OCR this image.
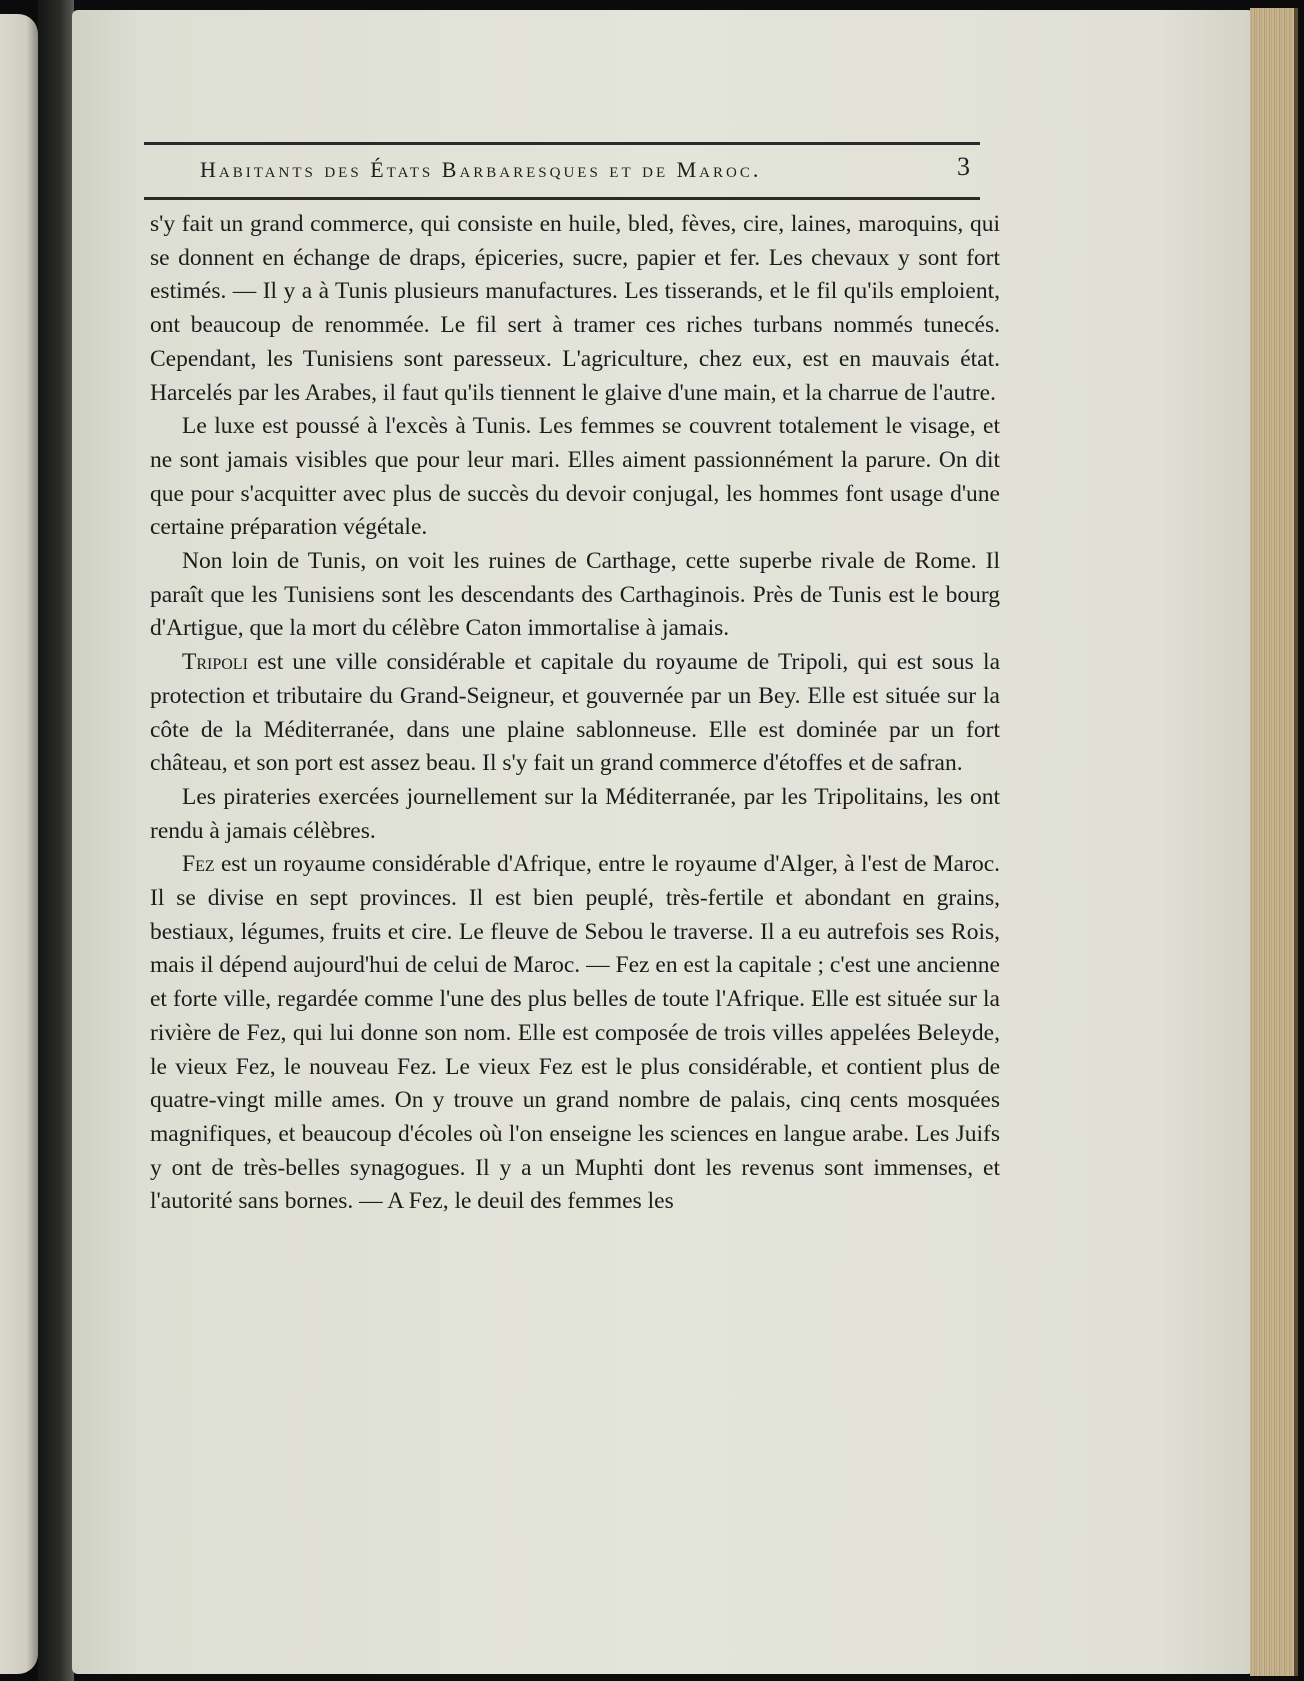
Habitants des États Barbaresques et de Maroc.	3

s'y fait un grand commerce, qui consiste en huile, bled, fèves, cire, laines, maroquins, qui se donnent en échange de draps, épiceries, sucre, papier et fer. Les chevaux y sont fort estimés. — Il y a à Tunis plusieurs manufactures. Les tisserands, et le fil qu'ils emploient, ont beaucoup de renommée. Le fil sert à tramer ces riches turbans nommés tunecés. Cependant, les Tunisiens sont paresseux. L'agriculture, chez eux, est en mauvais état. Harcelés par les Arabes, il faut qu'ils tiennent le glaive d'une main, et la charrue de l'autre.

Le luxe est poussé à l'excès à Tunis. Les femmes se couvrent totalement le visage, et ne sont jamais visibles que pour leur mari. Elles aiment passionnément la parure. On dit que pour s'acquitter avec plus de succès du devoir conjugal, les hommes font usage d'une certaine préparation végétale.

Non loin de Tunis, on voit les ruines de Carthage, cette superbe rivale de Rome. Il paraît que les Tunisiens sont les descendants des Carthaginois. Près de Tunis est le bourg d'Artigue, que la mort du célèbre Caton immortalise à jamais.

Tripoli est une ville considérable et capitale du royaume de Tripoli, qui est sous la protection et tributaire du Grand-Seigneur, et gouvernée par un Bey. Elle est située sur la côte de la Méditerranée, dans une plaine sablonneuse. Elle est dominée par un fort château, et son port est assez beau. Il s'y fait un grand commerce d'étoffes et de safran.

Les pirateries exercées journellement sur la Méditerranée, par les Tripolitains, les ont rendu à jamais célèbres.

Fez est un royaume considérable d'Afrique, entre le royaume d'Alger, à l'est de Maroc. Il se divise en sept provinces. Il est bien peuplé, très-fertile et abondant en grains, bestiaux, légumes, fruits et cire. Le fleuve de Sebou le traverse. Il a eu autrefois ses Rois, mais il dépend aujourd'hui de celui de Maroc. — Fez en est la capitale ; c'est une ancienne et forte ville, regardée comme l'une des plus belles de toute l'Afrique. Elle est située sur la rivière de Fez, qui lui donne son nom. Elle est composée de trois villes appelées Beleyde, le vieux Fez, le nouveau Fez. Le vieux Fez est le plus considérable, et contient plus de quatre-vingt mille ames. On y trouve un grand nombre de palais, cinq cents mosquées magnifiques, et beaucoup d'écoles où l'on enseigne les sciences en langue arabe. Les Juifs y ont de très-belles synagogues. Il y a un Muphti dont les revenus sont immenses, et l'autorité sans bornes. — A Fez, le deuil des femmes les
